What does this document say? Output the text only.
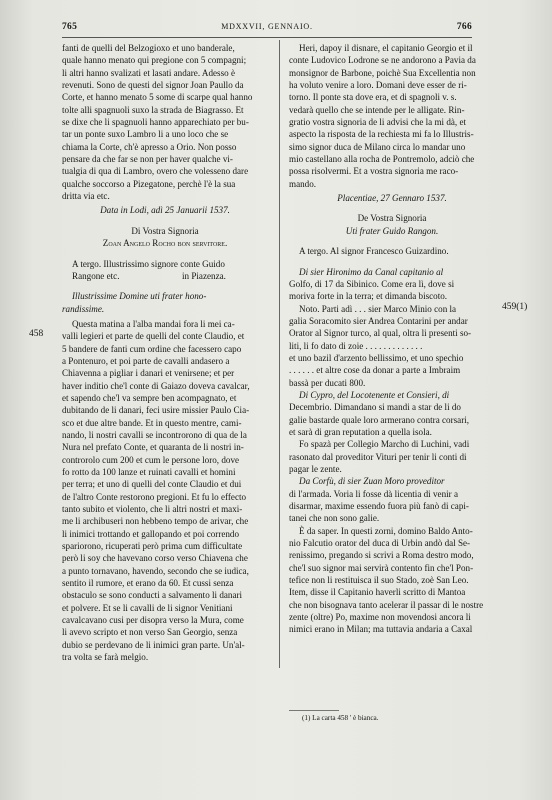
765	MDXXVII, GENNAIO.	766
458
459(1)

fanti de quelli del Belzogioxo et uno banderale,

quale hanno menato qui pregione con 5 compagni;

li altri hanno svalizati et lasati andare. Adesso è

revenuti. Sono de questi del signor Joan Paullo da

Corte, et hanno menato 5 some di scarpe qual hanno

tolte alli spagnuoli suxo la strada de Biagrasso. Et

se dixe che li spagnuoli hanno apparechiato per bu-

tar un ponte suxo Lambro li a uno loco che se

chiama la Corte, ch'è apresso a Orio. Non posso

pensare da che far se non per haver qualche vi-

tualgia di qua di Lambro, overo che volesseno dare

qualche soccorso a Pizegatone, perchè l'è la sua

dritta via etc.

Data in Lodi, adì 25 Januarii 1537.

Di Vostra Signoria

Zoan Angelo Rocho bon servitore.

A tergo. Illustrissimo signore conte Guido

Rangone etc.	in Piazenza.

Illustrissime Domine uti frater hono-

randissime.

Questa matina a l'alba mandai fora li mei ca-

valli legieri et parte de quelli del conte Claudio, et

5 bandere de fanti cum ordine che facessero capo

a Pontenuro, et poi parte de cavalli andasero a

Chiavenna a pigliar i danari et venirsene; et per

haver inditio che'l conte di Gaiazo doveva cavalcar,

et sapendo che'l va sempre ben acompagnato, et

dubitando de li danari, feci usire missier Paulo Cia-

sco et due altre bande. Et in questo mentre, cami-

nando, li nostri cavalli se incontrorono di qua de la

Nura nel prefato Conte, et quaranta de li nostri in-

controrolo cum 200 et cum le persone loro, dove

fo rotto da 100 lanze et ruinati cavalli et homini

per terra; et uno di quelli del conte Claudio et dui

de l'altro Conte restorono pregioni. Et fu lo effecto

tanto subito et violento, che li altri nostri et maxi-

me li archibuseri non hebbeno tempo de arivar, che

li inimici trottando et gallopando et poi correndo

spariorono, ricuperati però prima cum difficultate

però li soy che havevano corso verso Chiavena che

a punto tornavano, havendo, secondo che se iudica,

sentito il rumore, et erano da 60. Et cussi senza

obstaculo se sono conducti a salvamento li danari

et polvere. Et se li cavalli de li signor Venitiani

cavalcavano cusi per disopra verso la Mura, come

li avevo scripto et non verso San Georgio, senza

dubio se perdevano de li inimici gran parte. Un'al-

tra volta se farà melgio.

Heri, dapoy il disnare, el capitanio Georgio et il

conte Ludovico Lodrone se ne andorono a Pavia da

monsignor de Barbone, poichè Sua Excellentia non

ha voluto venire a loro. Domani deve esser de ri-

torno. Il ponte sta dove era, et di spagnoli v. s.

vedarà quello che se intende per le alligate. Rin-

gratio vostra signoria de li advisi che la mi dà, et

aspecto la risposta de la rechiesta mi fa lo Illustris-

simo signor duca de Milano circa lo mandar uno

mio castellano alla rocha de Pontremolo, adciò che

possa risolvermi. Et a vostra signoria me raco-

mando.

Placentiae, 27 Gennaro 1537.

De Vostra Signoria

Uti frater Guido Rangon.

A tergo. Al signor Francesco Guizardino.

Di sier Hironimo da Canal capitanio al

Golfo, di 17 da Sibinico. Come era lì, dove si

moriva forte in la terra; et dimanda biscoto.

Noto. Parti adì . . . sier Marco Minio con la

galia Soracomito sier Andrea Contarini per andar

Orator al Signor turco, al qual, oltra li presenti so-

liti, li fo dato di zoie . . . . . . . . . . . . .

et uno bazil d'arzento bellissimo, et uno spechio

. . . . . . et altre cose da donar a parte a Imbraim

bassà per ducati 800.

Di Cypro, del Locotenente et Consieri, di

Decembrio. Dimandano si mandi a star de li do

galie bastarde quale loro armerano contra corsari,

et sarà di gran reputation a quella isola.

Fo spazà per Collegio Marcho di Luchini, vadi

rasonato dal proveditor Vituri per tenir li conti di

pagar le zente.

Da Corfù, di sier Zuan Moro proveditor

di l'armada. Voria li fosse dà licentia di venir a

disarmar, maxime essendo fuora più fanò di capi-

tanei che non sono galie.

È da saper. In questi zorni, domino Baldo Anto-

nio Falcutio orator del duca di Urbin andò dal Se-

renissimo, pregando si scrivi a Roma destro modo,

che'l suo signor mai servirà contento fin che'l Pon-

tefice non li restituisca il suo Stado, zoè San Leo.

Item, disse il Capitanio haverli scritto di Mantoa

che non bisognava tanto acelerar il passar di le nostre

zente (oltre) Po, maxime non movendosi ancora li

nimici erano in Milan; ma tuttavia andaria a Caxal

(1) La carta 458 ' è bianca.
